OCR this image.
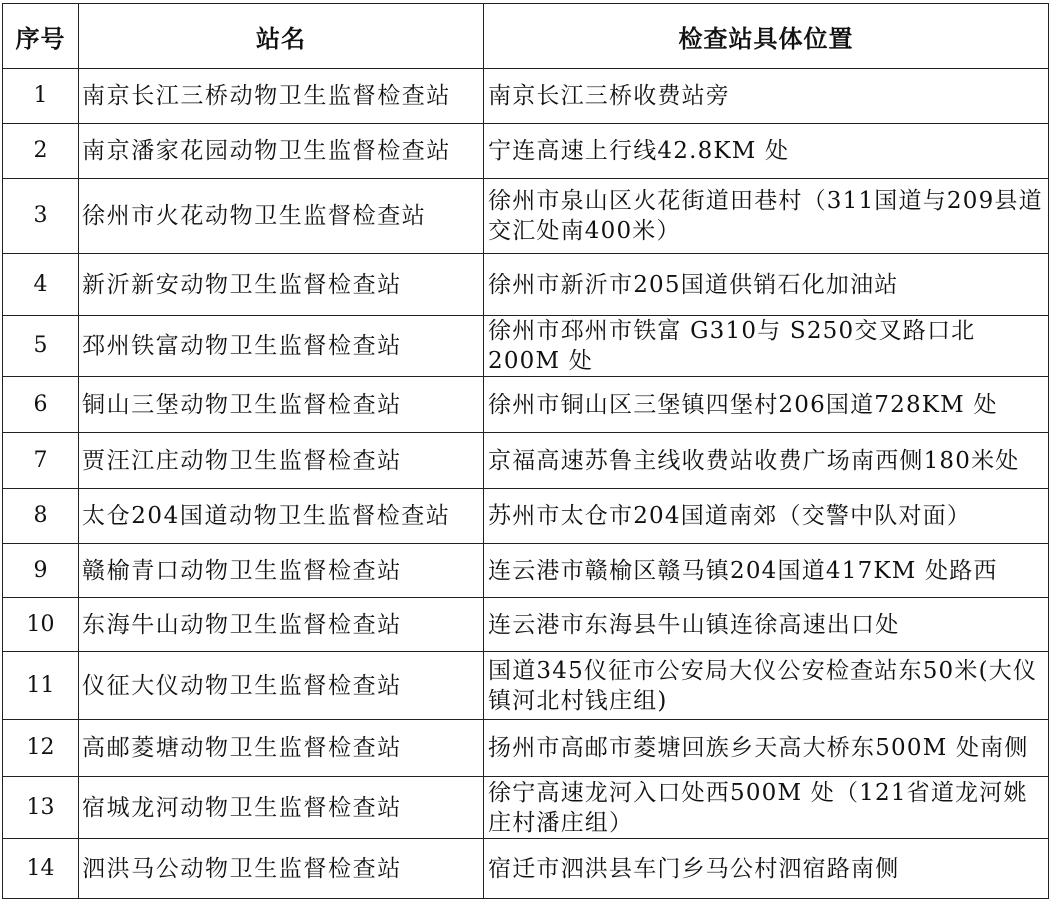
序号	站名	检查站具体位置
1	南京长江三桥动物卫生监督检查站	南京长江三桥收费站旁
2	南京潘家花园动物卫生监督检查站	宁连高速上行线42.8KM 处
3	徐州市火花动物卫生监督检查站	徐州市泉山区火花街道田巷村（311国道与209县道交汇处南400米）
4	新沂新安动物卫生监督检查站	徐州市新沂市205国道供销石化加油站
5	邳州铁富动物卫生监督检查站	徐州市邳州市铁富 G310与 S250交叉路口北200M 处
6	铜山三堡动物卫生监督检查站	徐州市铜山区三堡镇四堡村206国道728KM 处
7	贾汪江庄动物卫生监督检查站	京福高速苏鲁主线收费站收费广场南西侧180米处
8	太仓204国道动物卫生监督检查站	苏州市太仓市204国道南郊（交警中队对面）
9	赣榆青口动物卫生监督检查站	连云港市赣榆区赣马镇204国道417KM 处路西
10	东海牛山动物卫生监督检查站	连云港市东海县牛山镇连徐高速出口处
11	仪征大仪动物卫生监督检查站	国道345仪征市公安局大仪公安检查站东50米(大仪镇河北村钱庄组)
12	高邮菱塘动物卫生监督检查站	扬州市高邮市菱塘回族乡天高大桥东500M 处南侧
13	宿城龙河动物卫生监督检查站	徐宁高速龙河入口处西500M 处（121省道龙河姚庄村潘庄组）
14	泗洪马公动物卫生监督检查站	宿迁市泗洪县车门乡马公村泗宿路南侧
